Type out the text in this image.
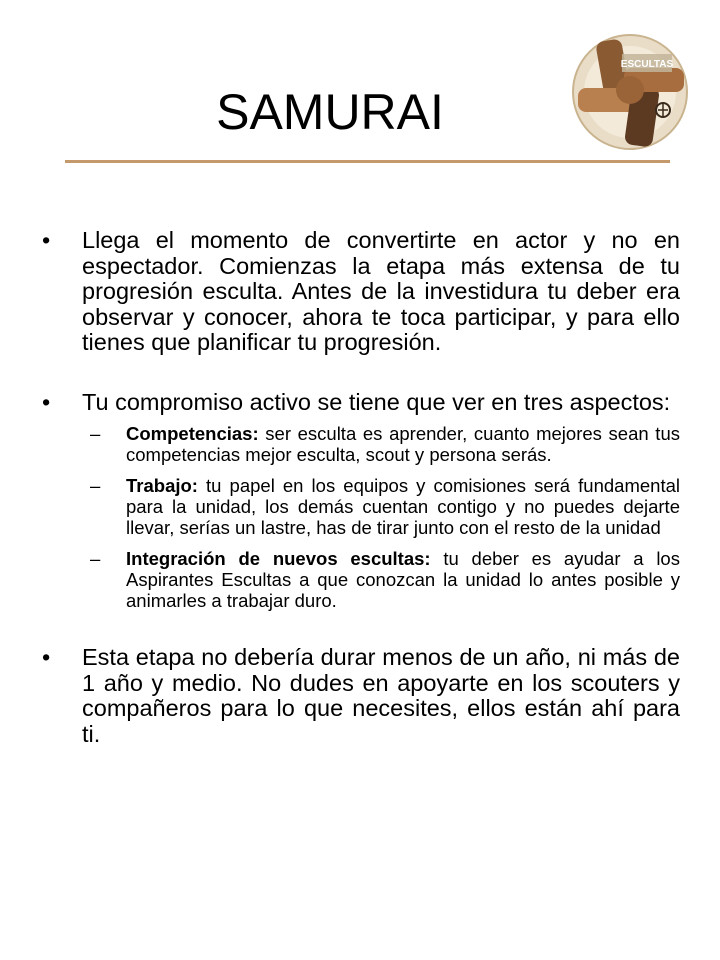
SAMURAI
ESCULTAS

• Llega el momento de convertirte en actor y no en espectador. Comienzas la etapa más extensa de tu progresión esculta. Antes de la investidura tu deber era observar y conocer, ahora te toca participar, y para ello tienes que planificar tu progresión.

• Tu compromiso activo se tiene que ver en tres aspectos:

– Competencias: ser esculta es aprender, cuanto mejores sean tus competencias mejor esculta, scout y persona serás.
– Trabajo: tu papel en los equipos y comisiones será fundamental para la unidad, los demás cuentan contigo y no puedes dejarte llevar, serías un lastre, has de tirar junto con el resto de la unidad
– Integración de nuevos escultas: tu deber es ayudar a los Aspirantes Escultas a que conozcan la unidad lo antes posible y animarles a trabajar duro.

• Esta etapa no debería durar menos de un año, ni más de 1 año y medio. No dudes en apoyarte en los scouters y compañeros para lo que necesites, ellos están ahí para ti.
